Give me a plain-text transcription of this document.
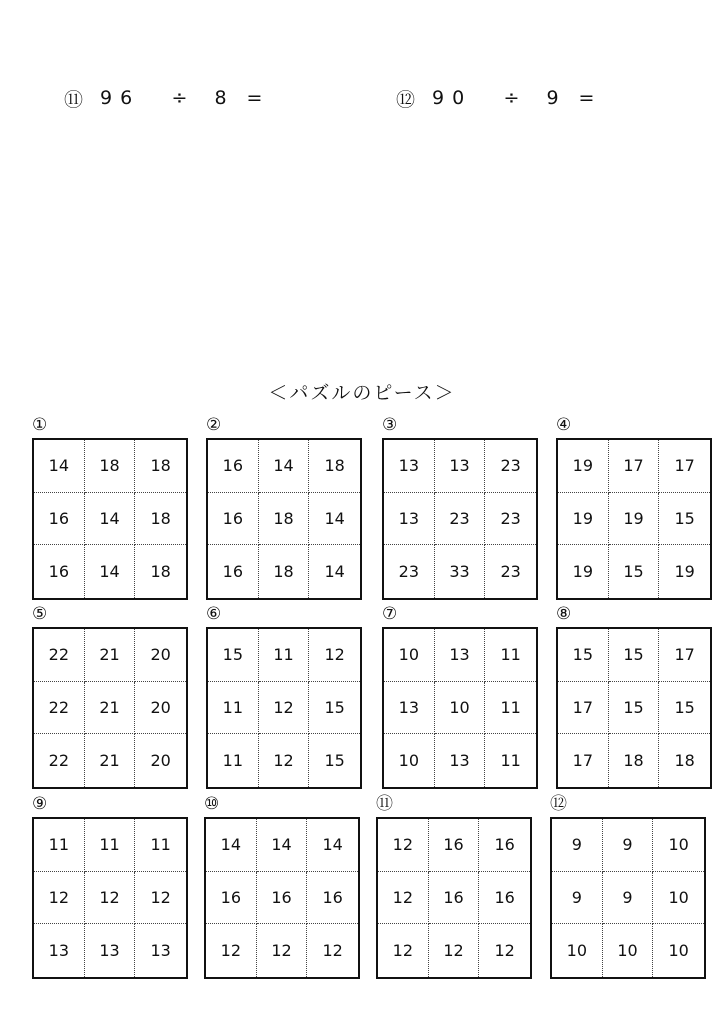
⑪ 96	÷	8 =	⑫ 90	÷	9 =
＜パズルのピース＞
①
14	18	18
16	14	18
16	14	18
②
16	14	18
16	18	14
16	18	14
③
13	13	23
13	23	23
23	33	23
④
19	17	17
19	19	15
19	15	19
⑤
22	21	20
22	21	20
22	21	20
⑥
15	11	12
11	12	15
11	12	15
⑦
10	13	11
13	10	11
10	13	11
⑧
15	15	17
17	15	15
17	18	18
⑨
11	11	11
12	12	12
13	13	13
⑩
14	14	14
16	16	16
12	12	12
⑪
12	16	16
12	16	16
12	12	12
⑫
9	9	10
9	9	10
10	10	10
